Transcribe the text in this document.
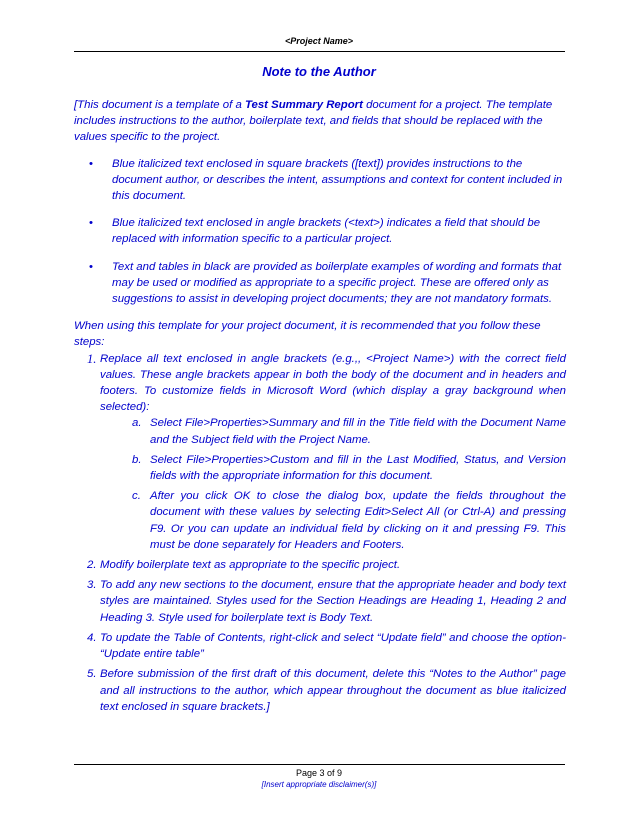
<Project Name>
Note to the Author

[This document is a template of a Test Summary Report document for a project. The template includes instructions to the author, boilerplate text, and fields that should be replaced with the values specific to the project.

• Blue italicized text enclosed in square brackets ([text]) provides instructions to the document author, or describes the intent, assumptions and context for content included in this document.
• Blue italicized text enclosed in angle brackets (<text>) indicates a field that should be replaced with information specific to a particular project.
• Text and tables in black are provided as boilerplate examples of wording and formats that may be used or modified as appropriate to a specific project. These are offered only as suggestions to assist in developing project documents; they are not mandatory formats.

When using this template for your project document, it is recommended that you follow these steps:

1. Replace all text enclosed in angle brackets (e.g.,, <Project Name>) with the correct field values. These angle brackets appear in both the body of the document and in headers and footers. To customize fields in Microsoft Word (which display a gray background when selected):
a. Select File>Properties>Summary and fill in the Title field with the Document Name and the Subject field with the Project Name.
b. Select File>Properties>Custom and fill in the Last Modified, Status, and Version fields with the appropriate information for this document.
c. After you click OK to close the dialog box, update the fields throughout the document with these values by selecting Edit>Select All (or Ctrl-A) and pressing F9. Or you can update an individual field by clicking on it and pressing F9. This must be done separately for Headers and Footers.
2. Modify boilerplate text as appropriate to the specific project.
3. To add any new sections to the document, ensure that the appropriate header and body text styles are maintained. Styles used for the Section Headings are Heading 1, Heading 2 and Heading 3. Style used for boilerplate text is Body Text.
4. To update the Table of Contents, right-click and select “Update field” and choose the option- “Update entire table”
5. Before submission of the first draft of this document, delete this “Notes to the Author” page and all instructions to the author, which appear throughout the document as blue italicized text enclosed in square brackets.]
Page 3 of 9
[Insert appropriate disclaimer(s)]
